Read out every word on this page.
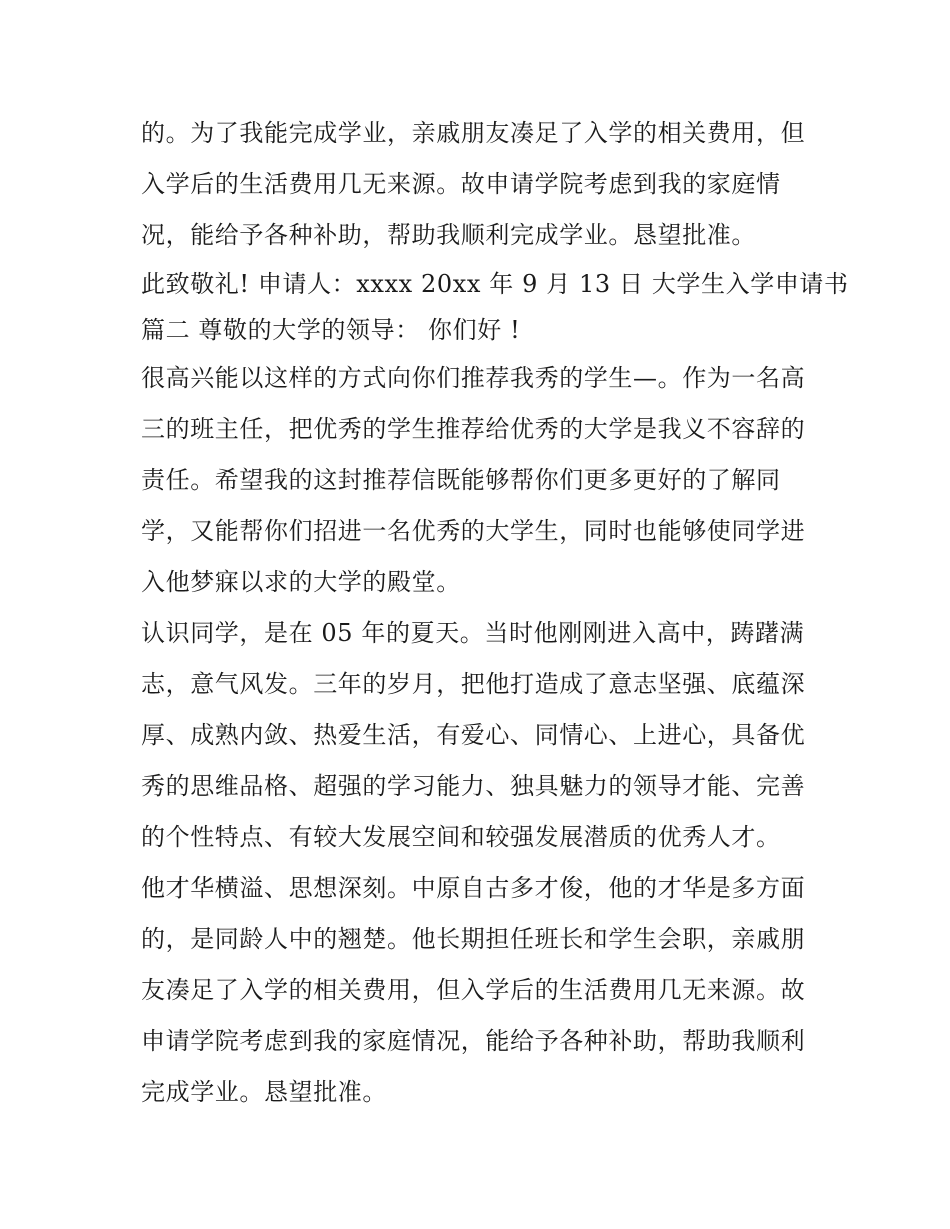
的。为了我能完成学业，亲戚朋友凑足了入学的相关费用，但
入学后的生活费用几无来源。故申请学院考虑到我的家庭情
况，能给予各种补助，帮助我顺利完成学业。恳望批准。
此致敬礼! 申请人：xxxx 20xx 年 9 月 13 日 大学生入学申请书
篇二 尊敬的大学的领导： 你们好 !
很高兴能以这样的方式向你们推荐我秀的学生—。作为一名高
三的班主任，把优秀的学生推荐给优秀的大学是我义不容辞的
责任。希望我的这封推荐信既能够帮你们更多更好的了解同
学，又能帮你们招进一名优秀的大学生，同时也能够使同学进
入他梦寐以求的大学的殿堂。
认识同学，是在 05 年的夏天。当时他刚刚进入高中，踌躇满
志，意气风发。三年的岁月，把他打造成了意志坚强、底蕴深
厚、成熟内敛、热爱生活，有爱心、同情心、上进心，具备优
秀的思维品格、超强的学习能力、独具魅力的领导才能、完善
的个性特点、有较大发展空间和较强发展潜质的优秀人才。
他才华横溢、思想深刻。中原自古多才俊，他的才华是多方面
的，是同龄人中的翘楚。他长期担任班长和学生会职，亲戚朋
友凑足了入学的相关费用，但入学后的生活费用几无来源。故
申请学院考虑到我的家庭情况，能给予各种补助，帮助我顺利
完成学业。恳望批准。
